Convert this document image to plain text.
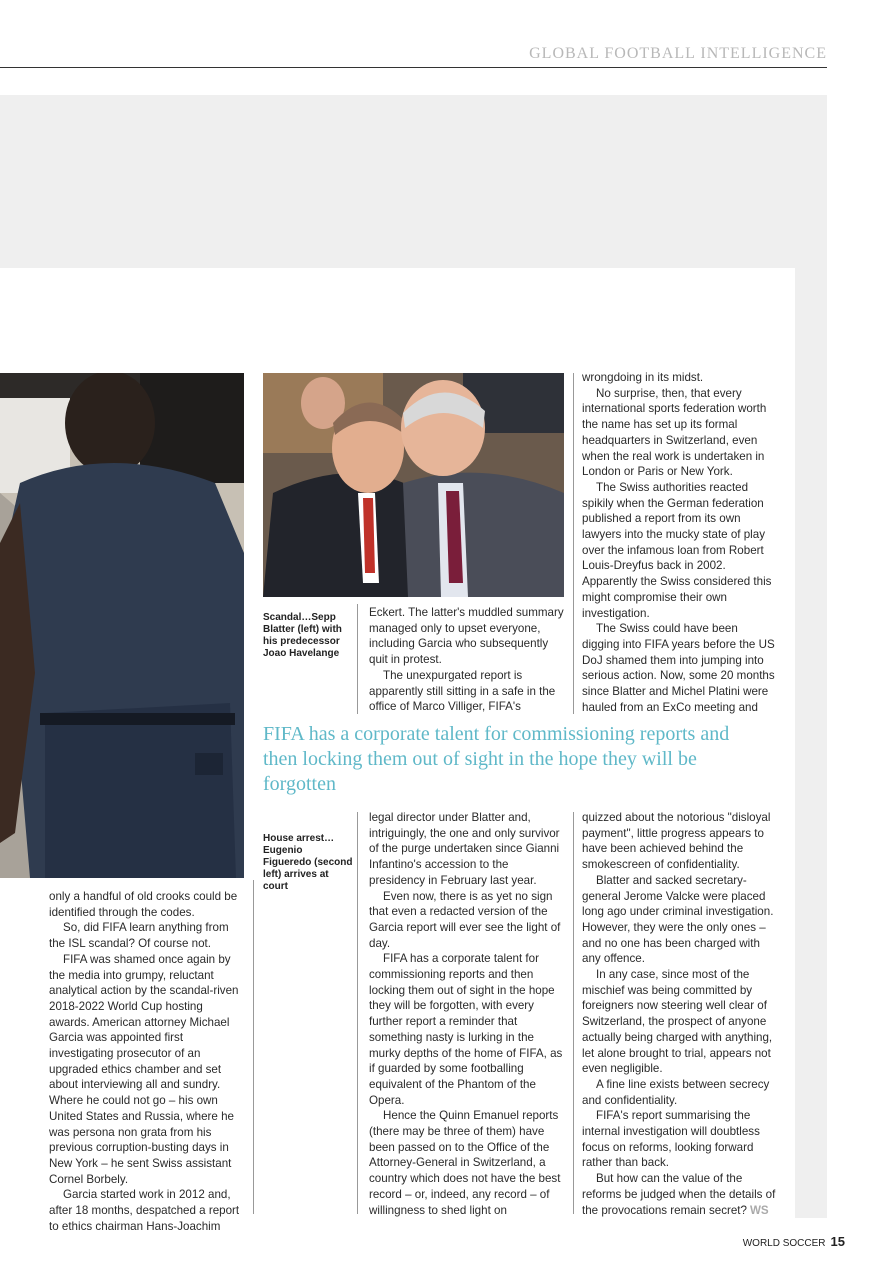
GLOBAL FOOTBALL INTELLIGENCE
Scandal…Sepp Blatter (left) with his predecessor Joao Havelange
House arrest… Eugenio Figueredo (second left) arrives at court

Eckert. The latter's muddled summary managed only to upset everyone, including Garcia who subsequently quit in protest.

The unexpurgated report is apparently still sitting in a safe in the office of Marco Villiger, FIFA's

wrongdoing in its midst.

No surprise, then, that every international sports federation worth the name has set up its formal headquarters in Switzerland, even when the real work is undertaken in London or Paris or New York.

The Swiss authorities reacted spikily when the German federation published a report from its own lawyers into the mucky state of play over the infamous loan from Robert Louis-Dreyfus back in 2002. Apparently the Swiss considered this might compromise their own investigation.

The Swiss could have been digging into FIFA years before the US DoJ shamed them into jumping into serious action. Now, some 20 months since Blatter and Michel Platini were hauled from an ExCo meeting and

FIFA has a corporate talent for commissioning reports and then locking them out of sight in the hope they will be forgotten

only a handful of old crooks could be identified through the codes.

So, did FIFA learn anything from the ISL scandal? Of course not.

FIFA was shamed once again by the media into grumpy, reluctant analytical action by the scandal-riven 2018-2022 World Cup hosting awards. American attorney Michael Garcia was appointed first investigating prosecutor of an upgraded ethics chamber and set about interviewing all and sundry. Where he could not go – his own United States and Russia, where he was persona non grata from his previous corruption-busting days in New York – he sent Swiss assistant Cornel Borbely.

Garcia started work in 2012 and, after 18 months, despatched a report to ethics chairman Hans-Joachim

legal director under Blatter and, intriguingly, the one and only survivor of the purge undertaken since Gianni Infantino's accession to the presidency in February last year.

Even now, there is as yet no sign that even a redacted version of the Garcia report will ever see the light of day.

FIFA has a corporate talent for commissioning reports and then locking them out of sight in the hope they will be forgotten, with every further report a reminder that something nasty is lurking in the murky depths of the home of FIFA, as if guarded by some footballing equivalent of the Phantom of the Opera.

Hence the Quinn Emanuel reports (there may be three of them) have been passed on to the Office of the Attorney-General in Switzerland, a country which does not have the best record – or, indeed, any record – of willingness to shed light on

quizzed about the notorious "disloyal payment", little progress appears to have been achieved behind the smokescreen of confidentiality.

Blatter and sacked secretary-general Jerome Valcke were placed long ago under criminal investigation. However, they were the only ones – and no one has been charged with any offence.

In any case, since most of the mischief was being committed by foreigners now steering well clear of Switzerland, the prospect of anyone actually being charged with anything, let alone brought to trial, appears not even negligible.

A fine line exists between secrecy and confidentiality.

FIFA's report summarising the internal investigation will doubtless focus on reforms, looking forward rather than back.

But how can the value of the reforms be judged when the details of the provocations remain secret? WS

WORLD SOCCER 15
